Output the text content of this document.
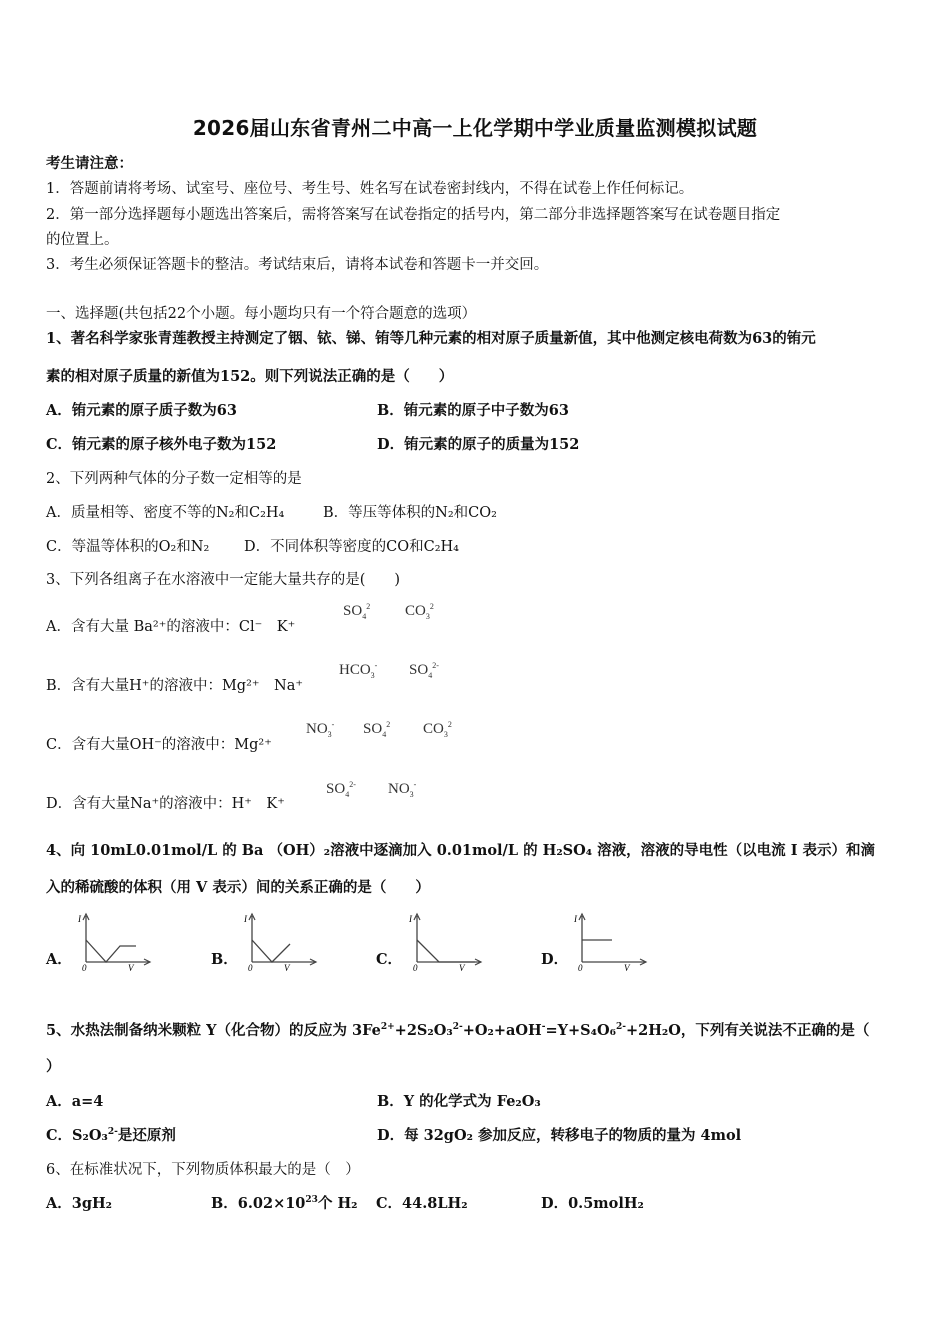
2026届山东省青州二中高一上化学期中学业质量监测模拟试题
考生请注意：
1．答题前请将考场、试室号、座位号、考生号、姓名写在试卷密封线内，不得在试卷上作任何标记。
2．第一部分选择题每小题选出答案后，需将答案写在试卷指定的括号内，第二部分非选择题答案写在试卷题目指定
的位置上。
3．考生必须保证答题卡的整洁。考试结束后，请将本试卷和答题卡一并交回。
一、选择题(共包括22个小题。每小题均只有一个符合题意的选项）
1、著名科学家张青莲教授主持测定了铟、铱、锑、铕等几种元素的相对原子质量新值，其中他测定核电荷数为63的铕元
素的相对原子质量的新值为152。则下列说法正确的是（　　）
A．铕元素的原子质子数为63	B．铕元素的原子中子数为63
C．铕元素的原子核外电子数为152	D．铕元素的原子的质量为152
2、下列两种气体的分子数一定相等的是
A．质量相等、密度不等的N₂和C₂H₄	B．等压等体积的N₂和CO₂
C．等温等体积的O₂和N₂ D．不同体积等密度的CO和C₂H₄
3、下列各组离子在水溶液中一定能大量共存的是(　　)
A．含有大量 Ba²⁺的溶液中：Cl⁻　K⁺
$SO_4^2$ $CO_3^2$
B．含有大量H⁺的溶液中：Mg²⁺　Na⁺
$HCO_3^-$ $SO_4^{2-}$
C．含有大量OH⁻的溶液中：Mg²⁺
$NO_3^-$ $SO_4^2$ $CO_3^2$
D．含有大量Na⁺的溶液中：H⁺　K⁺
$SO_4^{2-}$ $NO_3^-$
4、向 10mL0.01mol/L 的 Ba （OH）₂溶液中逐滴加入 0.01mol/L 的 H₂SO₄ 溶液，溶液的导电性（以电流 I 表示）和滴
入的稀硫酸的体积（用 V 表示）间的关系正确的是（　　）
A．
I
0	V	B．
I
0	V	C．
I
0	V	D．
I
0	V
5、水热法制备纳米颗粒 Y（化合物）的反应为 $3Fe^{2+}+2S_2O_3^{2-}+O_2+aOH^-=Y+S_4O_6^{2-}+2H_2O$，下列有关说法不正确的是（
）
A．a=4	B．Y 的化学式为 Fe₂O₃
C．S₂O₃$^{2-}$是还原剂	D．每 32gO₂ 参加反应，转移电子的物质的量为 4mol
6、在标准状况下，下列物质体积最大的是（　）
A．3gH₂	B．$6.02\times 10^{23}$个 H₂ C．44.8LH₂	D．0.5molH₂
